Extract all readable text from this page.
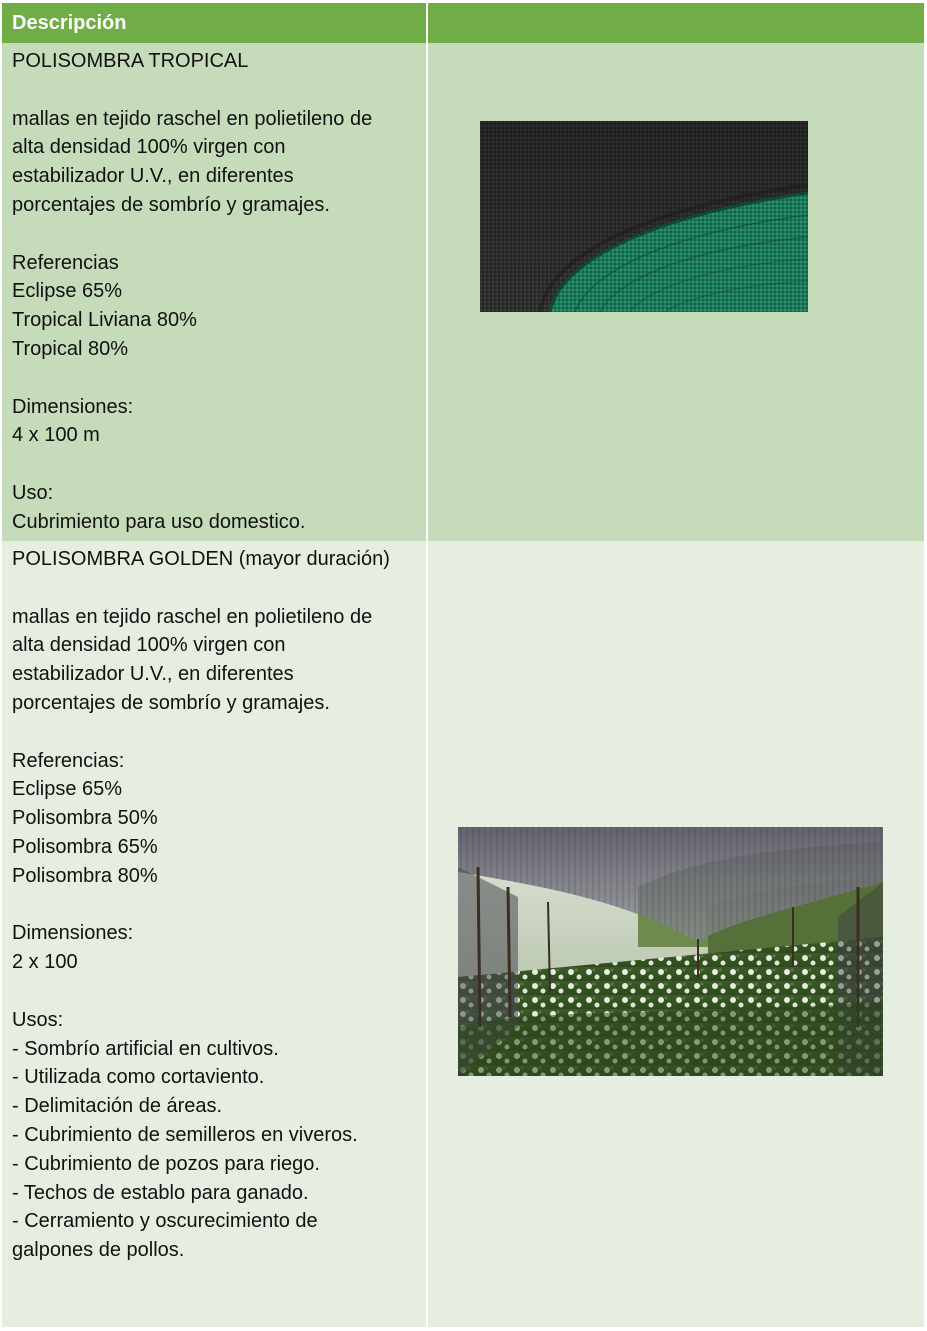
Descripción
POLISOMBRA TROPICAL
mallas en tejido raschel en polietileno de
alta densidad 100% virgen con
estabilizador U.V., en diferentes
porcentajes de sombrío y gramajes.
Referencias
Eclipse 65%
Tropical Liviana 80%
Tropical 80%
Dimensiones:
4 x 100 m
Uso:
Cubrimiento para uso domestico.
POLISOMBRA GOLDEN (mayor duración)
mallas en tejido raschel en polietileno de
alta densidad 100% virgen con
estabilizador U.V., en diferentes
porcentajes de sombrío y gramajes.
Referencias:
Eclipse 65%
Polisombra 50%
Polisombra 65%
Polisombra 80%
Dimensiones:
2 x 100
Usos:
- Sombrío artificial en cultivos.
- Utilizada como cortaviento.
- Delimitación de áreas.
- Cubrimiento de semilleros en viveros.
- Cubrimiento de pozos para riego.
- Techos de establo para ganado.
- Cerramiento y oscurecimiento de
galpones de pollos.
